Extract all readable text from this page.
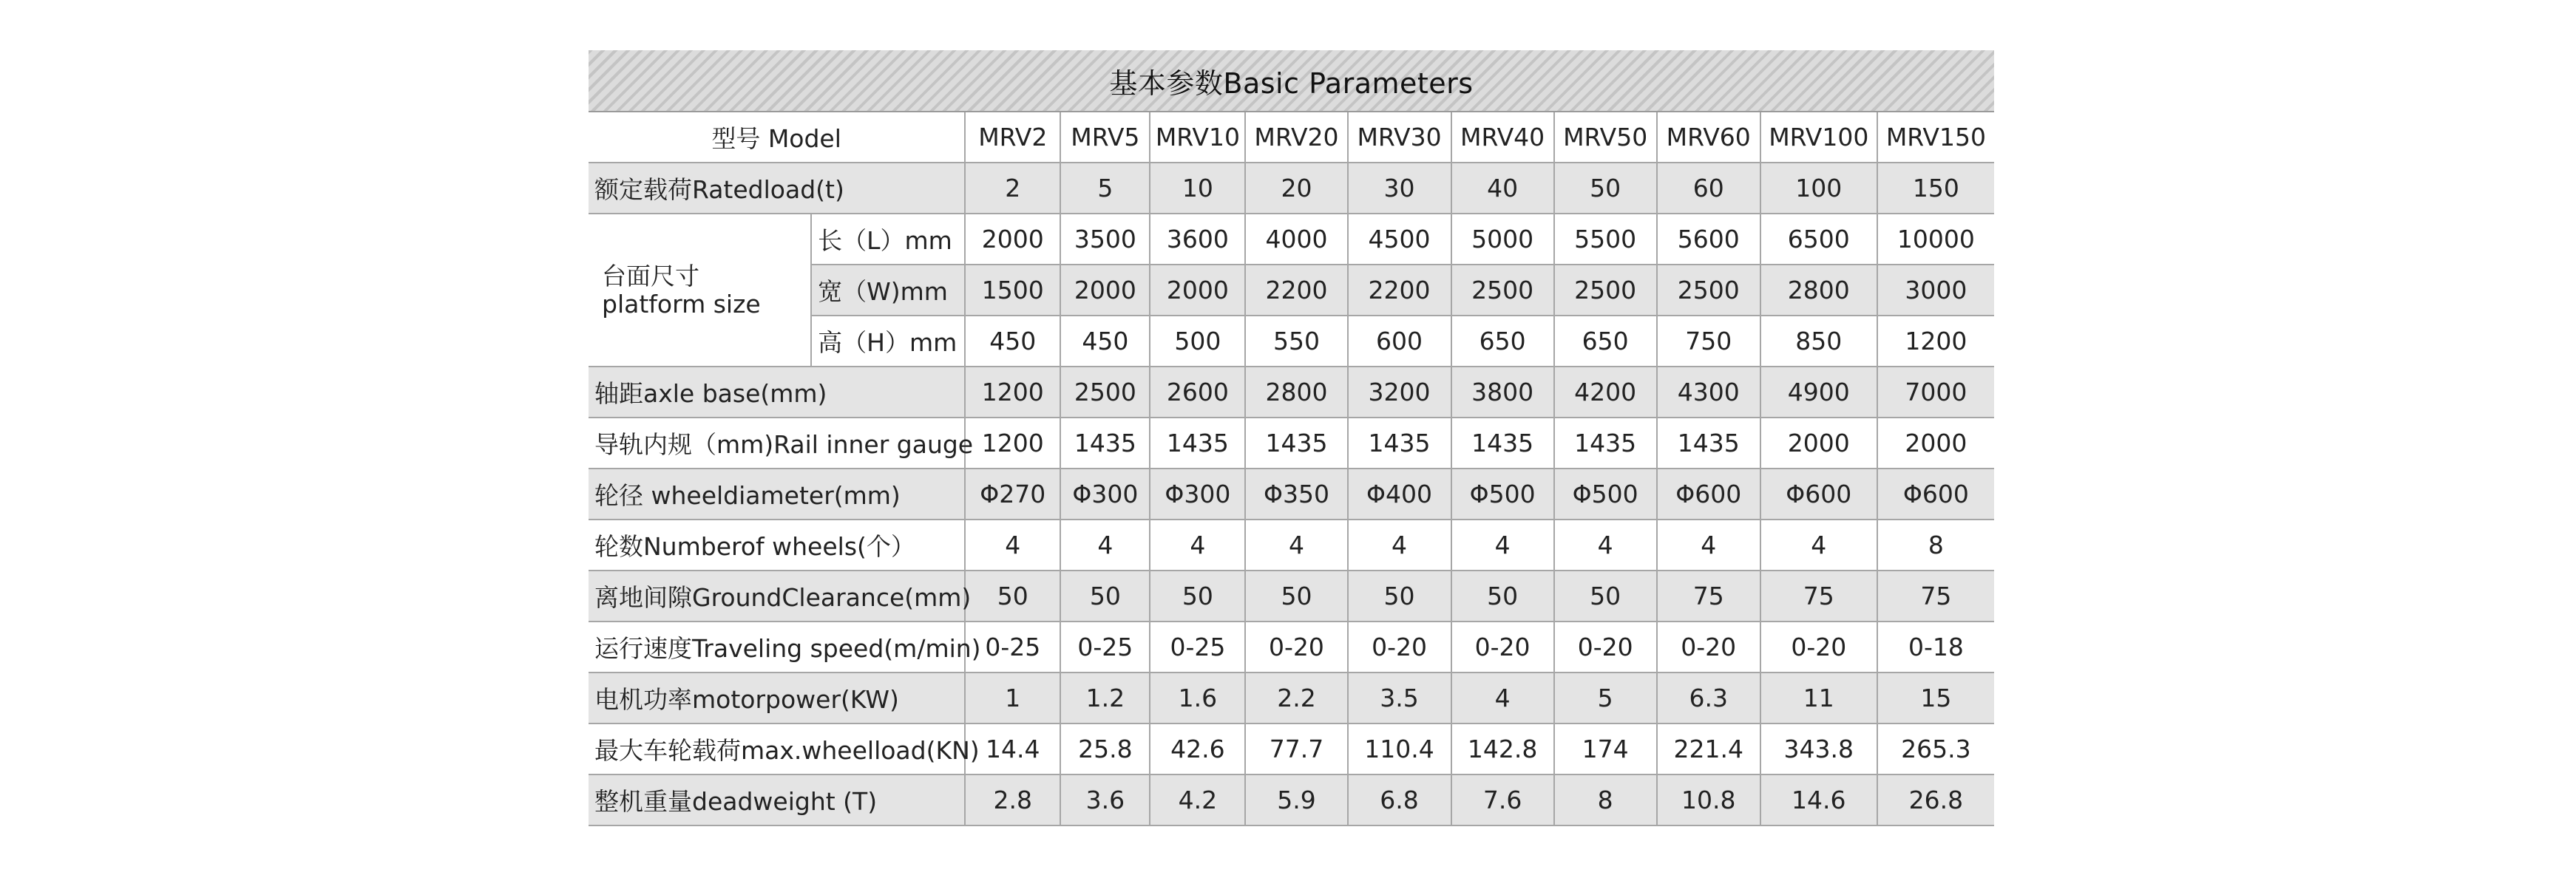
基本参数Basic Parameters
型号 Model		MRV2	MRV5	MRV10	MRV20	MRV30	MRV40	MRV50	MRV60	MRV100	MRV150
额定载荷Ratedload(t)		2	5	10	20	30	40	50	60	100	150

台面尺寸
platform size	长（L）mm	2000	3500	3600	4000	4500	5000	5500	5600	6500	10000
	宽（W)mm	1500	2000	2000	2200	2200	2500	2500	2500	2800	3000
	高（H）mm	450	450	500	550	600	650	650	750	850	1200
轴距axle base(mm)		1200	2500	2600	2800	3200	3800	4200	4300	4900	7000
导轨内规（mm)Rail inner gauge		1200	1435	1435	1435	1435	1435	1435	1435	2000	2000
轮径 wheeldiameter(mm)		Φ270	Φ300	Φ300	Φ350	Φ400	Φ500	Φ500	Φ600	Φ600	Φ600
轮数Numberof wheels(个）		4	4	4	4	4	4	4	4	4	8
离地间隙GroundClearance(mm)		50	50	50	50	50	50	50	75	75	75
运行速度Traveling speed(m/min)		0-25	0-25	0-25	0-20	0-20	0-20	0-20	0-20	0-20	0-18
电机功率motorpower(KW)		1	1.2	1.6	2.2	3.5	4	5	6.3	11	15
最大车轮载荷max.wheelload(KN)		14.4	25.8	42.6	77.7	110.4	142.8	174	221.4	343.8	265.3
整机重量deadweight (T)		2.8	3.6	4.2	5.9	6.8	7.6	8	10.8	14.6	26.8
